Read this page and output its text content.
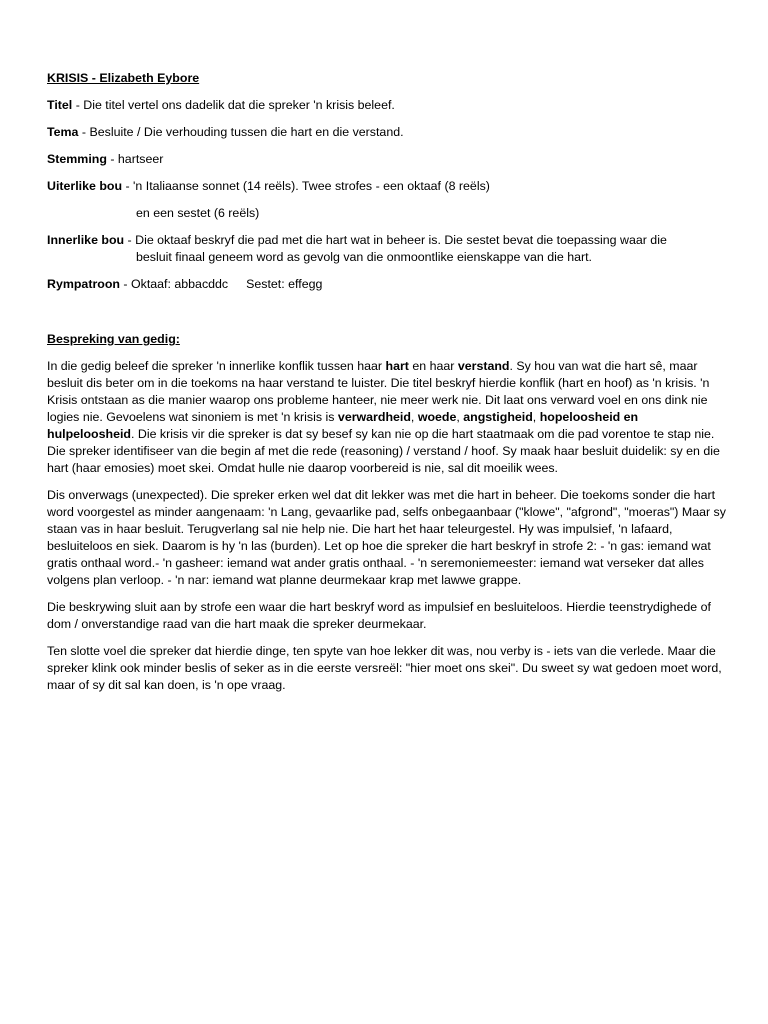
KRISIS - Elizabeth Eybore
Titel - Die titel vertel ons dadelik dat die spreker 'n krisis beleef.
Tema - Besluite / Die verhouding tussen die hart en die verstand.
Stemming - hartseer
Uiterlike bou - 'n Italiaanse sonnet (14 reëls). Twee strofes - een oktaaf (8 reëls)
en een sestet (6 reëls)
Innerlike bou - Die oktaaf beskryf die pad met die hart wat in beheer is. Die sestet bevat die toepassing waar die
besluit finaal geneem word as gevolg van die onmoontlike eienskappe van die hart.
Rympatroon - Oktaaf: abbacddc Sestet: effegg
Bespreking van gedig:
In die gedig beleef die spreker 'n innerlike konflik tussen haar hart en haar verstand. Sy hou van wat die hart sê, maar besluit dis beter om in die toekoms na haar verstand te luister. Die titel beskryf hierdie konflik (hart en hoof) as 'n krisis. 'n Krisis ontstaan as die manier waarop ons probleme hanteer, nie meer werk nie. Dit laat ons verward voel en ons dink nie logies nie. Gevoelens wat sinoniem is met 'n krisis is verwardheid, woede, angstigheid, hopeloosheid en hulpeloosheid. Die krisis vir die spreker is dat sy besef sy kan nie op die hart staatmaak om die pad vorentoe te stap nie. Die spreker identifiseer van die begin af met die rede (reasoning) / verstand / hoof. Sy maak haar besluit duidelik: sy en die hart (haar emosies) moet skei. Omdat hulle nie daarop voorbereid is nie, sal dit moeilik wees.
Dis onverwags (unexpected). Die spreker erken wel dat dit lekker was met die hart in beheer. Die toekoms sonder die hart word voorgestel as minder aangenaam: 'n Lang, gevaarlike pad, selfs onbegaanbaar ("klowe", "afgrond", "moeras") Maar sy staan vas in haar besluit. Terugverlang sal nie help nie. Die hart het haar teleurgestel. Hy was impulsief, 'n lafaard, besluiteloos en siek. Daarom is hy 'n las (burden). Let op hoe die spreker die hart beskryf in strofe 2: - 'n gas: iemand wat gratis onthaal word.- 'n gasheer: iemand wat ander gratis onthaal. - 'n seremoniemeester: iemand wat verseker dat alles volgens plan verloop. - 'n nar: iemand wat planne deurmekaar krap met lawwe grappe.
Die beskrywing sluit aan by strofe een waar die hart beskryf word as impulsief en besluiteloos. Hierdie teenstrydighede of dom / onverstandige raad van die hart maak die spreker deurmekaar.
Ten slotte voel die spreker dat hierdie dinge, ten spyte van hoe lekker dit was, nou verby is - iets van die verlede. Maar die spreker klink ook minder beslis of seker as in die eerste versreël: "hier moet ons skei". Du sweet sy wat gedoen moet word, maar of sy dit sal kan doen, is 'n ope vraag.
